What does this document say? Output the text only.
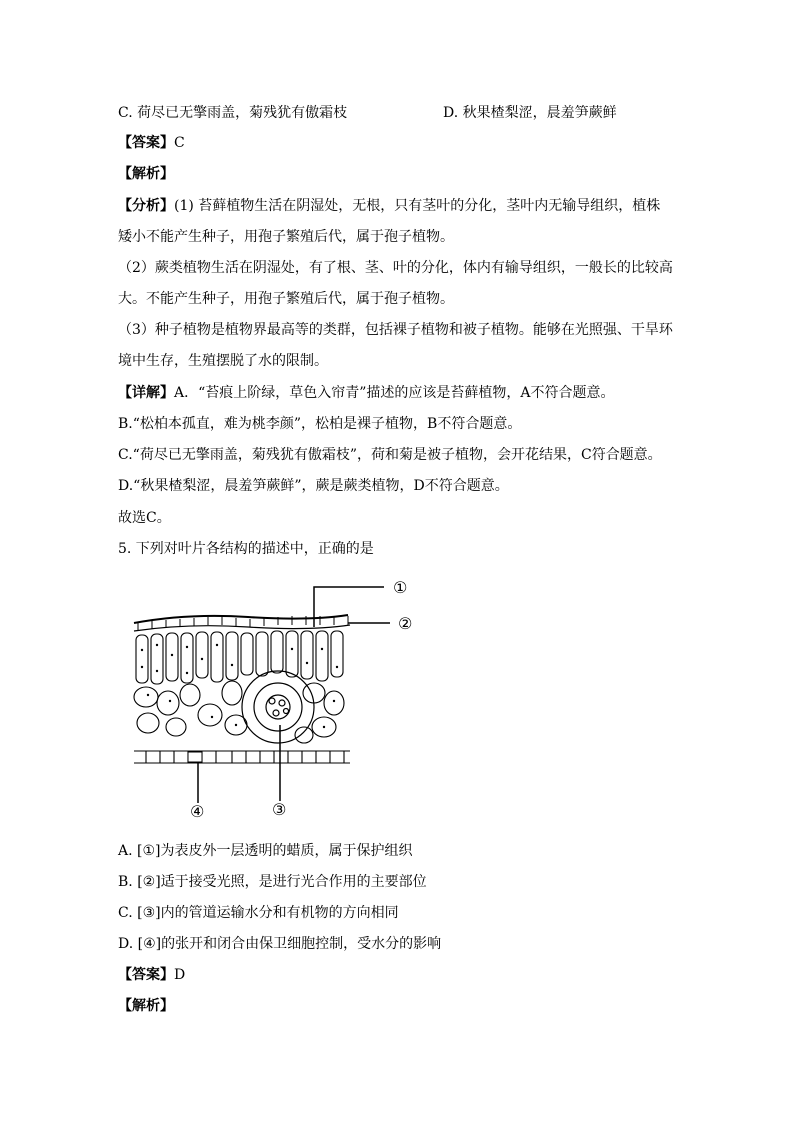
C. 荷尽已无擎雨盖，菊残犹有傲霜枝	D. 秋果楂梨涩，晨羞笋蕨鲜
【答案】C
【解析】
【分析】(1) 苔藓植物生活在阴湿处，无根，只有茎叶的分化，茎叶内无输导组织，植株
矮小不能产生种子，用孢子繁殖后代，属于孢子植物。
（2）蕨类植物生活在阴湿处，有了根、茎、叶的分化，体内有输导组织，一般长的比较高
大。不能产生种子，用孢子繁殖后代，属于孢子植物。
（3）种子植物是植物界最高等的类群，包括裸子植物和被子植物。能够在光照强、干旱环
境中生存，生殖摆脱了水的限制。
【详解】A．“苔痕上阶绿，草色入帘青”描述的应该是苔藓植物，A不符合题意。
B.“松柏本孤直，难为桃李颜”，松柏是裸子植物，B不符合题意。
C.“荷尽已无擎雨盖，菊残犹有傲霜枝”，荷和菊是被子植物，会开花结果，C符合题意。
D.“秋果楂梨涩，晨羞笋蕨鲜”，蕨是蕨类植物，D不符合题意。
故选C。
5. 下列对叶片各结构的描述中，正确的是
①
②
③
④
A. [①]为表皮外一层透明的蜡质，属于保护组织
B. [②]适于接受光照，是进行光合作用的主要部位
C. [③]内的管道运输水分和有机物的方向相同
D. [④]的张开和闭合由保卫细胞控制，受水分的影响
【答案】D
【解析】
